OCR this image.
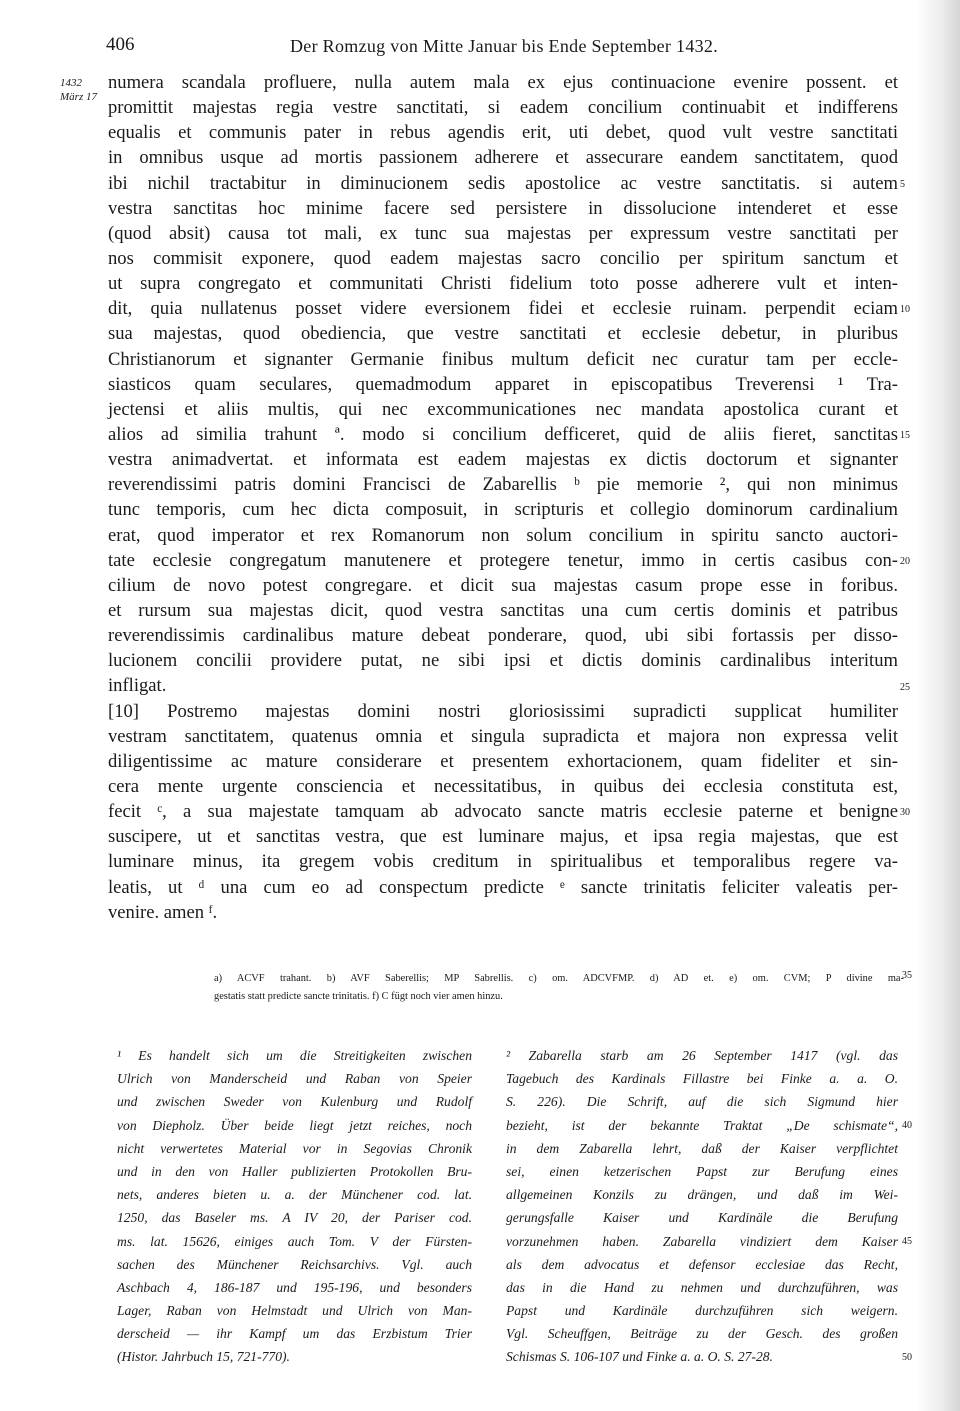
406	Der Romzug von Mitte Januar bis Ende September 1432.
1432
März 17
numera scandala profluere, nulla autem mala ex ejus continuacione evenire possent. et
promittit majestas regia vestre sanctitati, si eadem concilium continuabit et indifferens
equalis et communis pater in rebus agendis erit, uti debet, quod vult vestre sanctitati
in omnibus usque ad mortis passionem adherere et assecurare eandem sanctitatem, quod
ibi nichil tractabitur in diminucionem sedis apostolice ac vestre sanctitatis. si autem
vestra sanctitas hoc minime facere sed persistere in dissolucione intenderet et esse
(quod absit) causa tot mali, ex tunc sua majestas per expressum vestre sanctitati per
nos commisit exponere, quod eadem majestas sacro concilio per spiritum sanctum et
ut supra congregato et communitati Christi fidelium toto posse adherere vult et inten-
dit, quia nullatenus posset videre eversionem fidei et ecclesie ruinam. perpendit eciam
sua majestas, quod obediencia, que vestre sanctitati et ecclesie debetur, in pluribus
Christianorum et signanter Germanie finibus multum deficit nec curatur tam per eccle-
siasticos quam seculares, quemadmodum apparet in episcopatibus Treverensi ¹ Tra-
jectensi et aliis multis, qui nec excommunicationes nec mandata apostolica curant et
alios ad similia trahunt ª. modo si concilium defficeret, quid de aliis fieret, sanctitas
vestra animadvertat. et informata est eadem majestas ex dictis doctorum et signanter
reverendissimi patris domini Francisci de Zabarellis ᵇ pie memorie ², qui non minimus
tunc temporis, cum hec dicta composuit, in scripturis et collegio dominorum cardinalium
erat, quod imperator et rex Romanorum non solum concilium in spiritu sancto auctori-
tate ecclesie congregatum manutenere et protegere tenetur, immo in certis casibus con-
cilium de novo potest congregare. et dicit sua majestas casum prope esse in foribus.
et rursum sua majestas dicit, quod vestra sanctitas una cum certis dominis et patribus
reverendissimis cardinalibus mature debeat ponderare, quod, ubi sibi fortassis per disso-
lucionem concilii providere putat, ne sibi ipsi et dictis dominis cardinalibus interitum
infligat.
[10] Postremo majestas domini nostri gloriosissimi supradicti supplicat humiliter
vestram sanctitatem, quatenus omnia et singula supradicta et majora non expressa velit
diligentissime ac mature considerare et presentem exhortacionem, quam fideliter et sin-
cera mente urgente consciencia et necessitatibus, in quibus dei ecclesia constituta est,
fecit ᶜ, a sua majestate tamquam ab advocato sancte matris ecclesie paterne et benigne
suscipere, ut et sanctitas vestra, que est luminare majus, et ipsa regia majestas, que est
luminare minus, ita gregem vobis creditum in spiritualibus et temporalibus regere va-
leatis, ut ᵈ una cum eo ad conspectum predicte ᵉ sancte trinitatis feliciter valeatis per-
venire. amen ᶠ.
5
10
15
20
25
30
a) ACVF trahant. b) AVF Saberellis; MP Sabrellis. c) om. ADCVFMP. d) AD et. e) om. CVM; P divine ma-
gestatis statt predicte sancte trinitatis. f) C fügt noch vier amen hinzu.
35
¹ Es handelt sich um die Streitigkeiten zwischen
Ulrich von Manderscheid und Raban von Speier
und zwischen Sweder von Kulenburg und Rudolf
von Diepholz. Über beide liegt jetzt reiches, noch
nicht verwertetes Material vor in Segovias Chronik
und in den von Haller publizierten Protokollen Bru-
nets, anderes bieten u. a. der Münchener cod. lat.
1250, das Baseler ms. A IV 20, der Pariser cod.
ms. lat. 15626, einiges auch Tom. V der Fürsten-
sachen des Münchener Reichsarchivs. Vgl. auch
Aschbach 4, 186-187 und 195-196, und besonders
Lager, Raban von Helmstadt und Ulrich von Man-
derscheid — ihr Kampf um das Erzbistum Trier
(Histor. Jahrbuch 15, 721-770).
² Zabarella starb am 26 September 1417 (vgl. das
Tagebuch des Kardinals Fillastre bei Finke a. a. O.
S. 226). Die Schrift, auf die sich Sigmund hier
bezieht, ist der bekannte Traktat „De schismate“,
in dem Zabarella lehrt, daß der Kaiser verpflichtet
sei, einen ketzerischen Papst zur Berufung eines
allgemeinen Konzils zu drängen, und daß im Wei-
gerungsfalle Kaiser und Kardinäle die Berufung
vorzunehmen haben. Zabarella vindiziert dem Kaiser
als dem advocatus et defensor ecclesiae das Recht,
das in die Hand zu nehmen und durchzuführen, was
Papst und Kardinäle durchzuführen sich weigern.
Vgl. Scheuffgen, Beiträge zu der Gesch. des großen
Schismas S. 106-107 und Finke a. a. O. S. 27-28.
40
45
50
